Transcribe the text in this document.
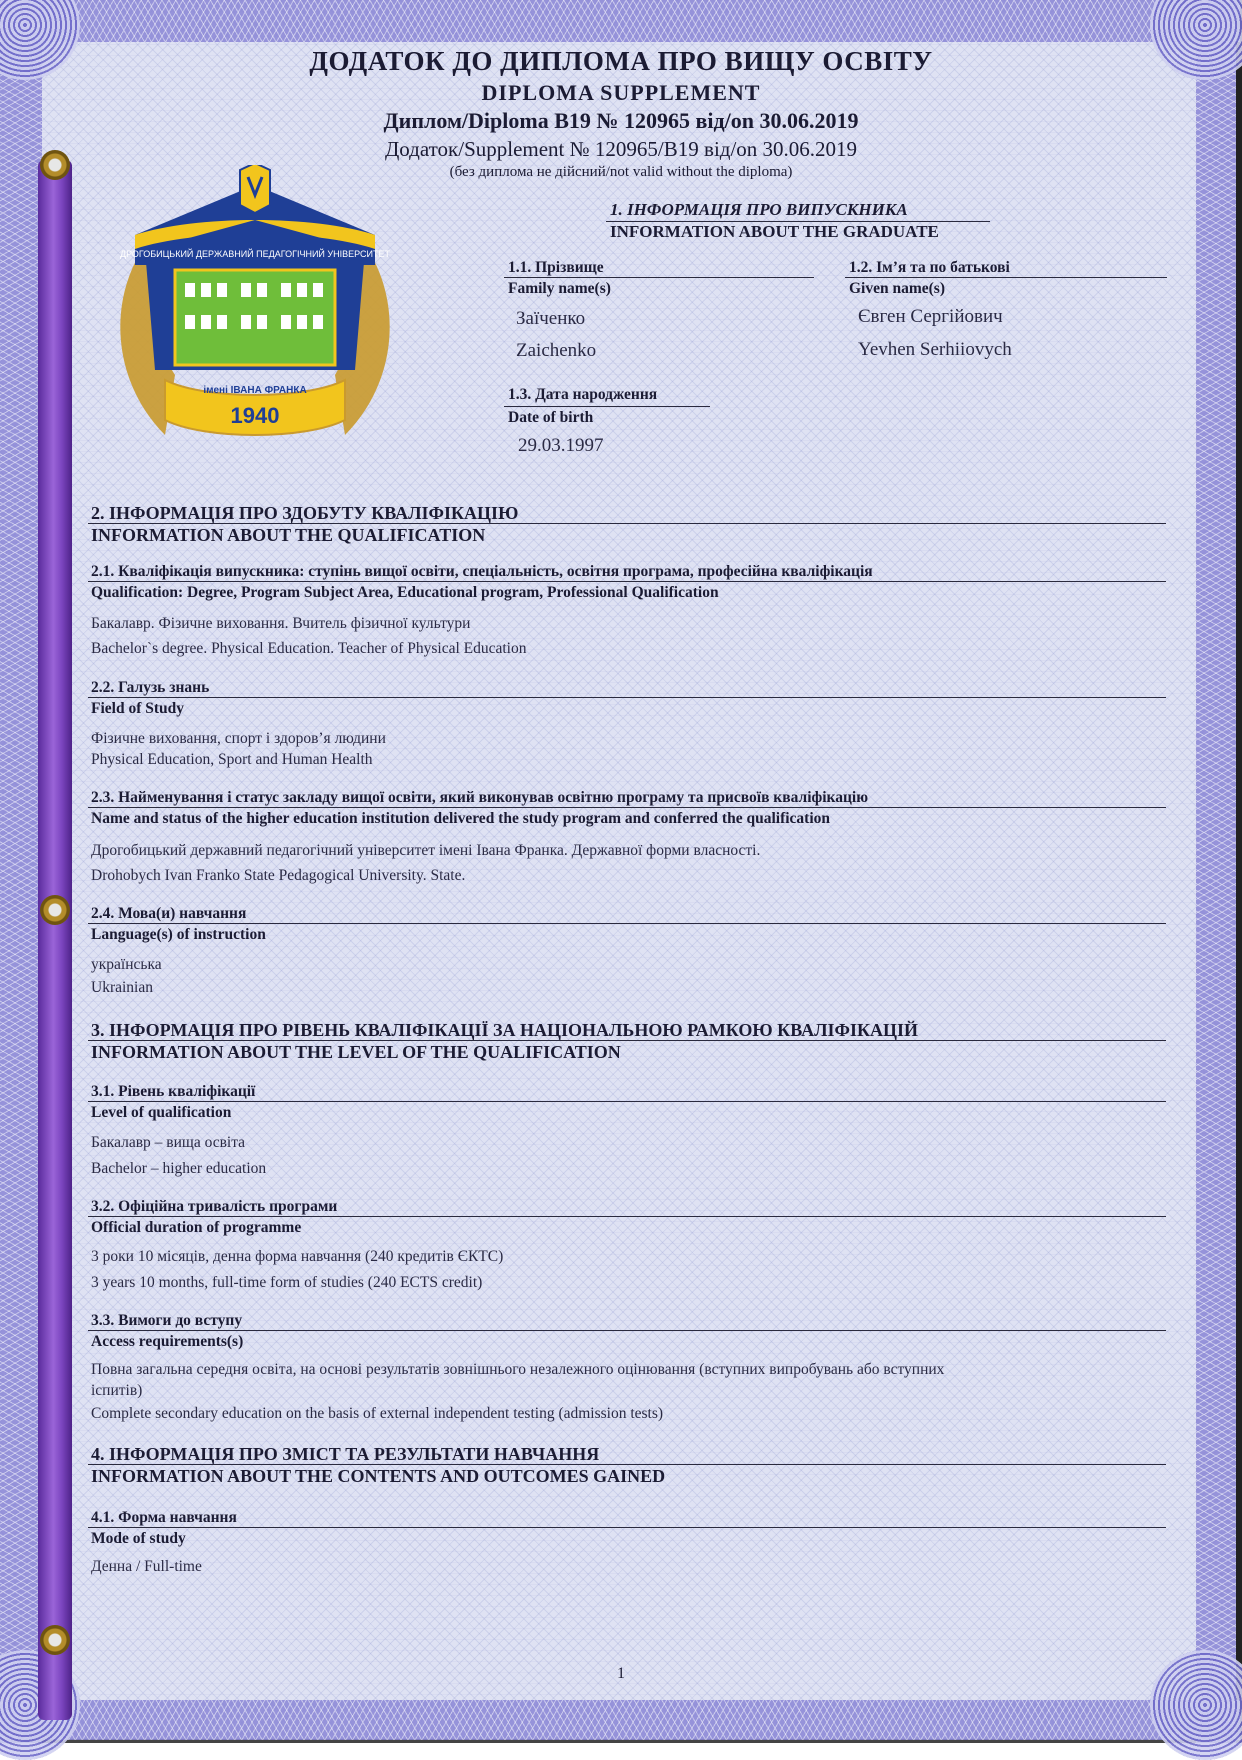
ДОДАТОК ДО ДИПЛОМА ПРО ВИЩУ ОСВІТУ
DIPLOMA SUPPLEMENT
Диплом/Diploma B19 № 120965 від/on 30.06.2019
Додаток/Supplement № 120965/B19 від/on 30.06.2019
(без диплома не дійсний/not valid without the diploma)
ДРОГОБИЦЬКИЙ ДЕРЖАВНИЙ ПЕДАГОГІЧНИЙ УНІВЕРСИТЕТ
імені ІВАНА ФРАНКА
1940
1. ІНФОРМАЦІЯ ПРО ВИПУСКНИКА
INFORMATION ABOUT THE GRADUATE
1.1. Прізвище
Family name(s)
Заїченко
Zaichenko
1.2. Ім’я та по батькові
Given name(s)
Євген Сергійович
Yevhen Serhiiovych
1.3. Дата народження
Date of birth
29.03.1997
2. ІНФОРМАЦІЯ ПРО ЗДОБУТУ КВАЛІФІКАЦІЮ
INFORMATION ABOUT THE QUALIFICATION
2.1. Кваліфікація випускника: ступінь вищої освіти, спеціальність, освітня програма, професійна кваліфікація
Qualification: Degree, Program Subject Area, Educational program, Professional Qualification
Бакалавр. Фізичне виховання. Вчитель фізичної культури
Bachelor`s degree. Physical Education. Teacher of Physical Education
2.2. Галузь знань
Field of Study
Фізичне виховання, спорт і здоров’я людини
Physical Education, Sport and Human Health
2.3. Найменування і статус закладу вищої освіти, який виконував освітню програму та присвоїв кваліфікацію
Name and status of the higher education institution delivered the study program and conferred the qualification
Дрогобицький державний педагогічний університет імені Івана Франка. Державної форми власності.
Drohobych Ivan Franko State Pedagogical University. State.
2.4. Мова(и) навчання
Language(s) of instruction
українська
Ukrainian
3. ІНФОРМАЦІЯ ПРО РІВЕНЬ КВАЛІФІКАЦІЇ ЗА НАЦІОНАЛЬНОЮ РАМКОЮ КВАЛІФІКАЦІЙ
INFORMATION ABOUT THE LEVEL OF THE QUALIFICATION
3.1. Рівень кваліфікації
Level of qualification
Бакалавр – вища освіта
Bachelor – higher education
3.2. Офіційна тривалість програми
Official duration of programme
3 роки 10 місяців, денна форма навчання (240 кредитів ЄКТС)
3 years 10 months, full-time form of studies (240 ECTS credit)
3.3. Вимоги до вступу
Access requirements(s)
Повна загальна середня освіта, на основі результатів зовнішнього незалежного оцінювання (вступних випробувань або вступних
іспитів)
Complete secondary education on the basis of external independent testing (admission tests)
4. ІНФОРМАЦІЯ ПРО ЗМІСТ ТА РЕЗУЛЬТАТИ НАВЧАННЯ
INFORMATION ABOUT THE CONTENTS AND OUTCOMES GAINED
4.1. Форма навчання
Mode of study
Денна / Full-time
1
